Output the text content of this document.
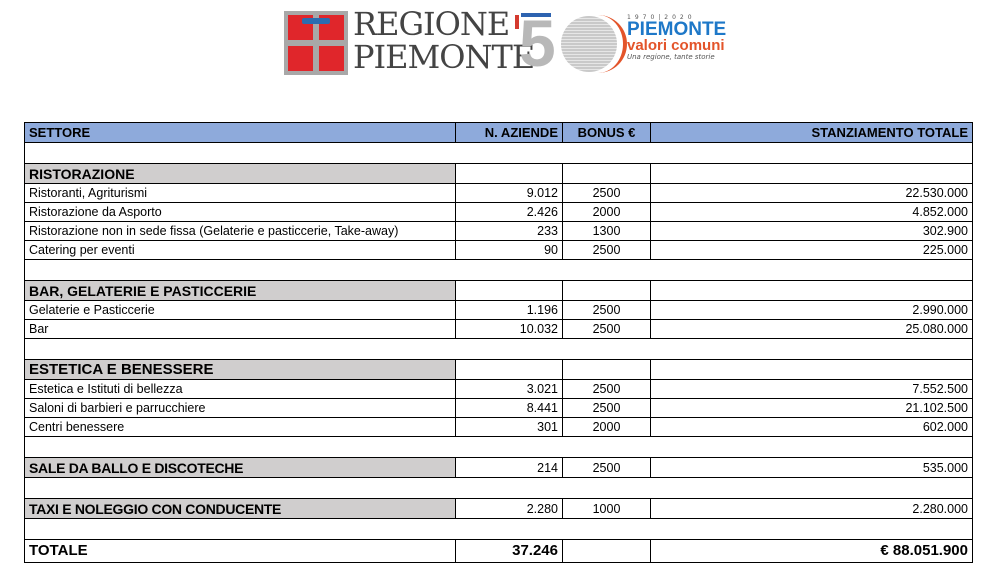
REGIONE
PIEMONTE
5	1970|2020
PIEMONTE
valori comuni
Una regione, tante storie
SETTORE	N. AZIENDE	BONUS €	STANZIAMENTO TOTALE

RISTORAZIONE			
Ristoranti, Agriturismi	9.012	2500	22.530.000
Ristorazione da Asporto	2.426	2000	4.852.000
Ristorazione non in sede fissa (Gelaterie e pasticcerie, Take-away)	233	1300	302.900
Catering per eventi	90	2500	225.000

BAR, GELATERIE E PASTICCERIE			
Gelaterie e Pasticcerie	1.196	2500	2.990.000
Bar	10.032	2500	25.080.000

ESTETICA E BENESSERE			
Estetica e Istituti di bellezza	3.021	2500	7.552.500
Saloni di barbieri e parrucchiere	8.441	2500	21.102.500
Centri benessere	301	2000	602.000

SALE DA BALLO E DISCOTECHE	214	2500	535.000

TAXI E NOLEGGIO CON CONDUCENTE	2.280	1000	2.280.000

TOTALE	37.246		€ 88.051.900
